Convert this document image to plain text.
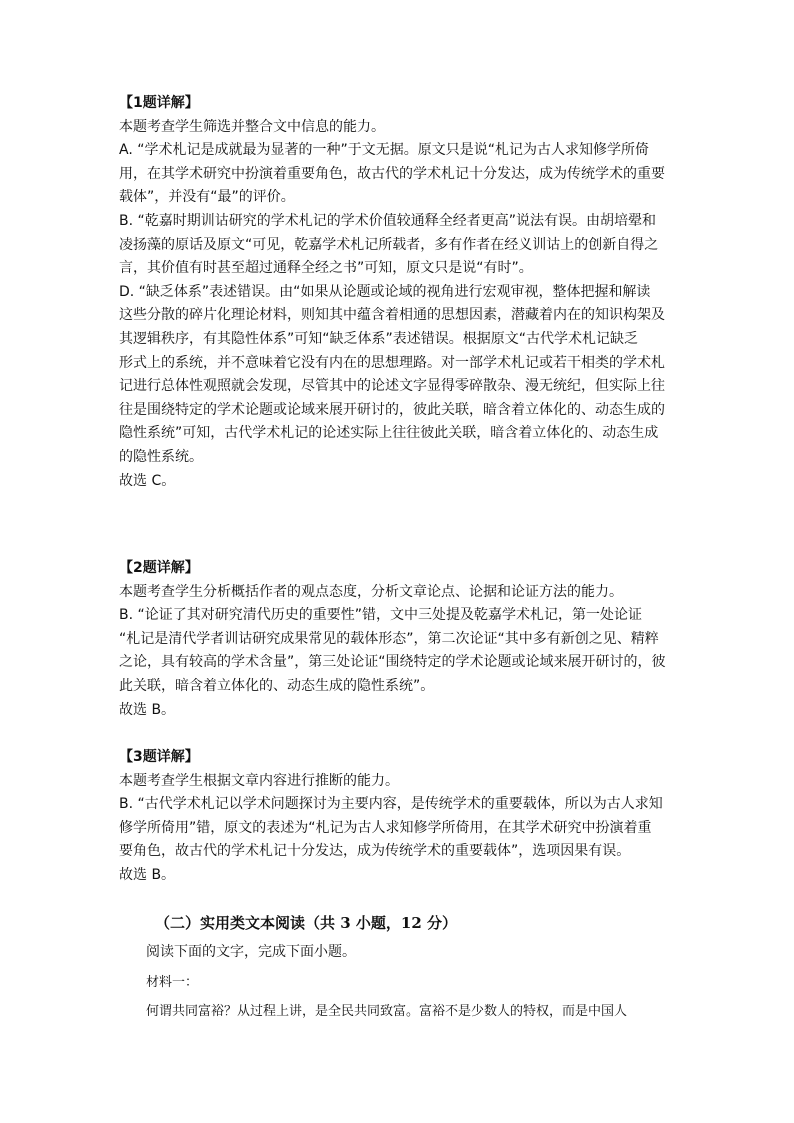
【1题详解】

本题考查学生筛选并整合文中信息的能力。

A. “学术札记是成就最为显著的一种”于文无据。原文只是说“札记为古人求知修学所倚

用，在其学术研究中扮演着重要角色，故古代的学术札记十分发达，成为传统学术的重要

载体”，并没有“最”的评价。

B. “乾嘉时期训诂研究的学术札记的学术价值较通释全经者更高”说法有误。由胡培翚和

凌扬藻的原话及原文“可见，乾嘉学术札记所载者，多有作者在经义训诂上的创新自得之

言，其价值有时甚至超过通释全经之书”可知，原文只是说“有时”。

D. “缺乏体系”表述错误。由“如果从论题或论域的视角进行宏观审视，整体把握和解读

这些分散的碎片化理论材料，则知其中蕴含着相通的思想因素，潜藏着内在的知识构架及

其逻辑秩序，有其隐性体系”可知“缺乏体系”表述错误。根据原文“古代学术札记缺乏

形式上的系统，并不意味着它没有内在的思想理路。对一部学术札记或若干相类的学术札

记进行总体性观照就会发现，尽管其中的论述文字显得零碎散杂、漫无统纪，但实际上往

往是围绕特定的学术论题或论域来展开研讨的，彼此关联，暗含着立体化的、动态生成的

隐性系统”可知，古代学术札记的论述实际上往往彼此关联，暗含着立体化的、动态生成

的隐性系统。

故选 C。

【2题详解】

本题考查学生分析概括作者的观点态度，分析文章论点、论据和论证方法的能力。

B. “论证了其对研究清代历史的重要性”错，文中三处提及乾嘉学术札记，第一处论证

“札记是清代学者训诂研究成果常见的载体形态”，第二次论证“其中多有新创之见、精粹

之论，具有较高的学术含量”，第三处论证“围绕特定的学术论题或论域来展开研讨的，彼

此关联，暗含着立体化的、动态生成的隐性系统”。

故选 B。

【3题详解】

本题考查学生根据文章内容进行推断的能力。

B. “古代学术札记以学术问题探讨为主要内容，是传统学术的重要载体，所以为古人求知

修学所倚用”错，原文的表述为“札记为古人求知修学所倚用，在其学术研究中扮演着重

要角色，故古代的学术札记十分发达，成为传统学术的重要载体”，选项因果有误。

故选 B。

（二）实用类文本阅读（共 3 小题，12 分）
阅读下面的文字，完成下面小题。
材料一：
何谓共同富裕？从过程上讲，是全民共同致富。富裕不是少数人的特权，而是中国人
